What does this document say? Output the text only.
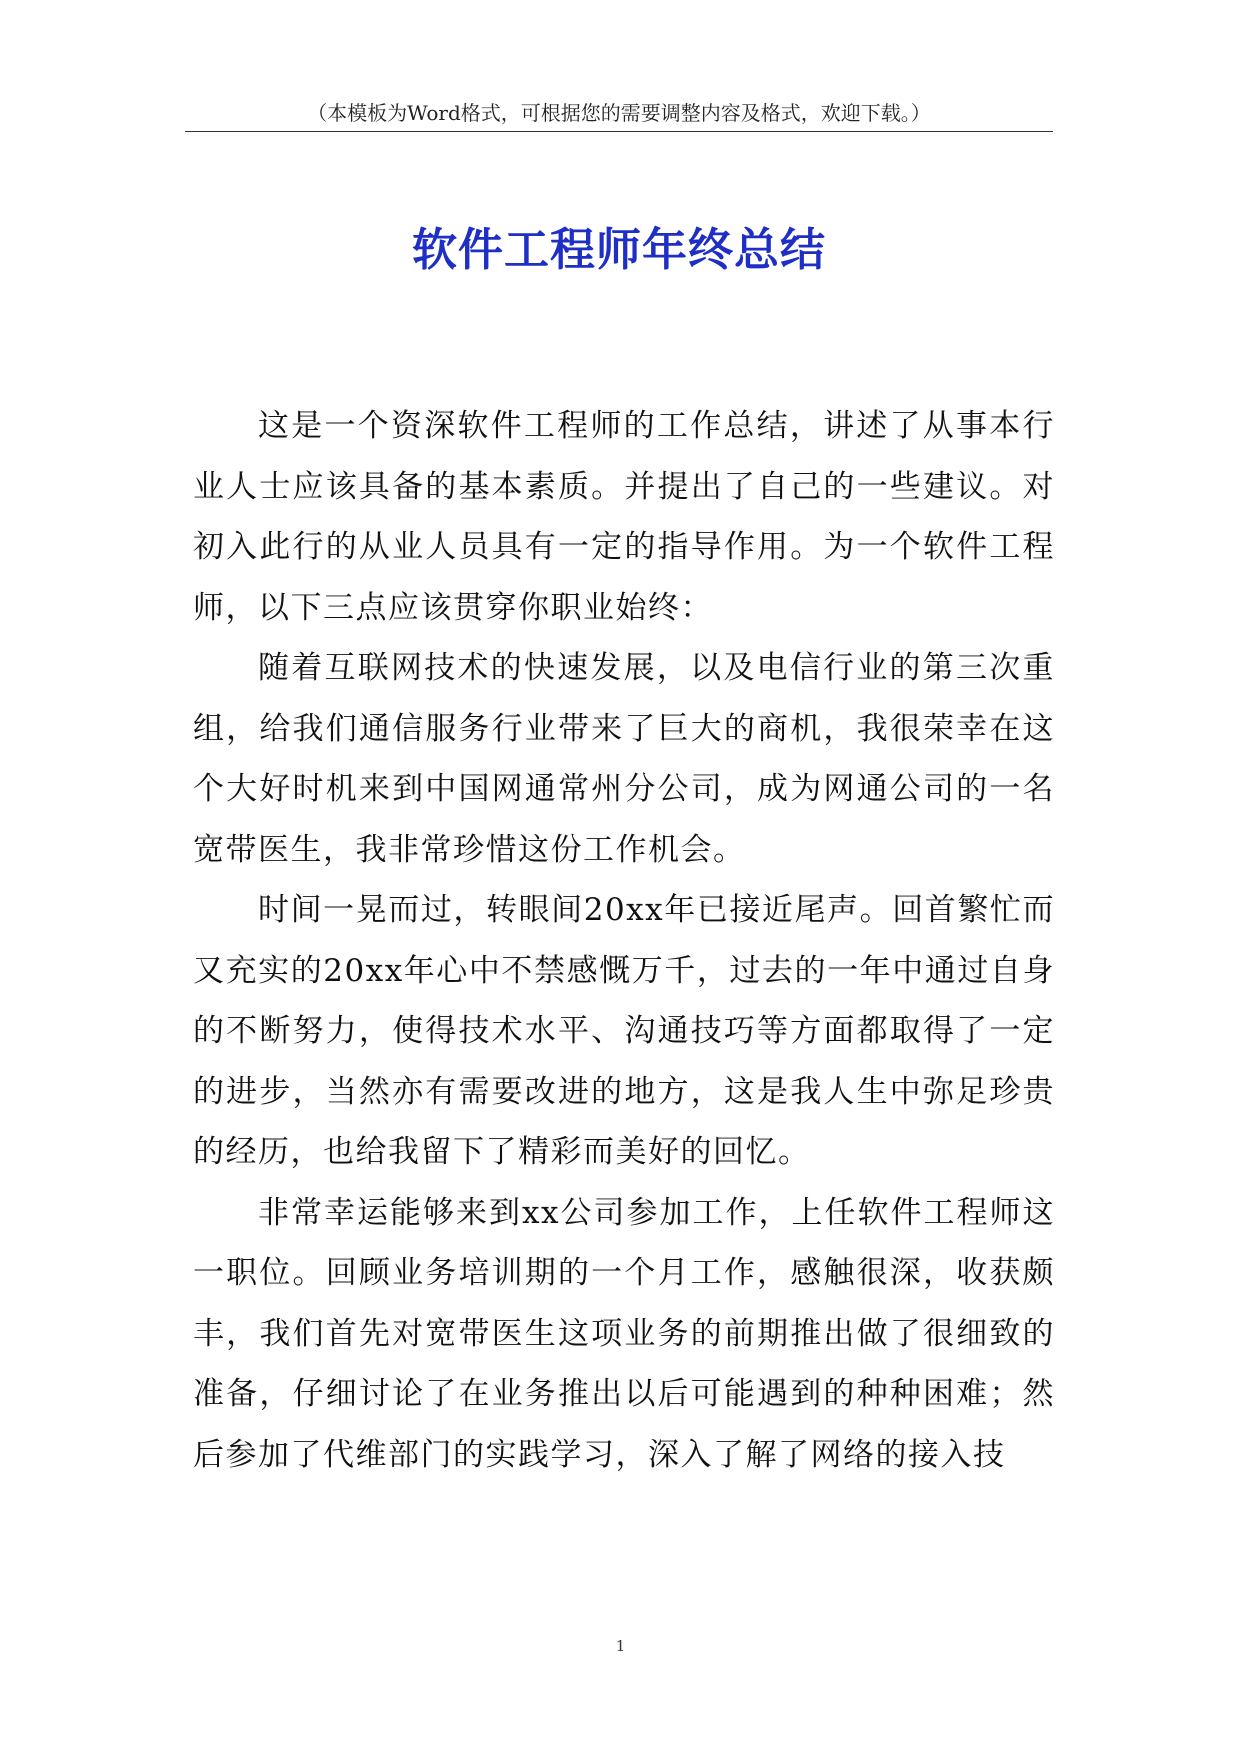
（本模板为Word格式，可根据您的需要调整内容及格式，欢迎下载。）
软件工程师年终总结

这是一个资深软件工程师的工作总结，讲述了从事本行业人士应该具备的基本素质。并提出了自己的一些建议。对初入此行的从业人员具有一定的指导作用。为一个软件工程师，以下三点应该贯穿你职业始终：

随着互联网技术的快速发展，以及电信行业的第三次重组，给我们通信服务行业带来了巨大的商机，我很荣幸在这个大好时机来到中国网通常州分公司，成为网通公司的一名宽带医生，我非常珍惜这份工作机会。

时间一晃而过，转眼间20xx年已接近尾声。回首繁忙而又充实的20xx年心中不禁感慨万千，过去的一年中通过自身的不断努力，使得技术水平、沟通技巧等方面都取得了一定的进步，当然亦有需要改进的地方，这是我人生中弥足珍贵的经历，也给我留下了精彩而美好的回忆。

非常幸运能够来到xx公司参加工作，上任软件工程师这一职位。回顾业务培训期的一个月工作，感触很深，收获颇丰，我们首先对宽带医生这项业务的前期推出做了很细致的准备，仔细讨论了在业务推出以后可能遇到的种种困难；然后参加了代维部门的实践学习，深入了解了网络的接入技

1
